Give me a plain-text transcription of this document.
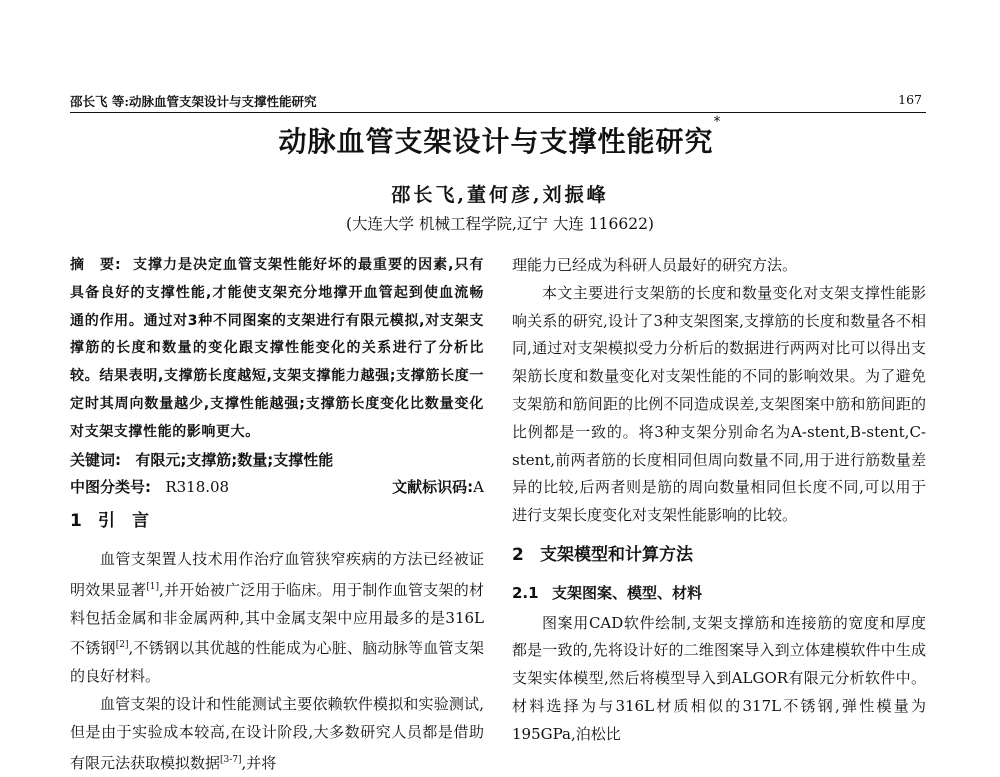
邵长飞 等:动脉血管支架设计与支撑性能研究	167
动脉血管支架设计与支撑性能研究*
邵长飞,董何彦,刘振峰
(大连大学 机械工程学院,辽宁 大连 116622)

摘　要: 支撑力是决定血管支架性能好坏的最重要的因素,只有具备良好的支撑性能,才能使支架充分地撑开血管起到使血流畅通的作用。通过对3种不同图案的支架进行有限元模拟,对支架支撑筋的长度和数量的变化跟支撑性能变化的关系进行了分析比较。结果表明,支撑筋长度越短,支架支撑能力越强;支撑筋长度一定时其周向数量越少,支撑性能越强;支撑筋长度变化比数量变化对支架支撑性能的影响更大。

关键词: 有限元;支撑筋;数量;支撑性能

中图分类号: R318.08	文献标识码:A
1 引　言

血管支架置人技术用作治疗血管狭窄疾病的方法已经被证明效果显著[1],并开始被广泛用于临床。用于制作血管支架的材料包括金属和非金属两种,其中金属支架中应用最多的是316L不锈钢[2],不锈钢以其优越的性能成为心脏、脑动脉等血管支架的良好材料。

血管支架的设计和性能测试主要依赖软件模拟和实验测试,但是由于实验成本较高,在设计阶段,大多数研究人员都是借助有限元法获取模拟数据[3-7],并将

理能力已经成为科研人员最好的研究方法。

本文主要进行支架筋的长度和数量变化对支架支撑性能影响关系的研究,设计了3种支架图案,支撑筋的长度和数量各不相同,通过对支架模拟受力分析后的数据进行两两对比可以得出支架筋长度和数量变化对支架性能的不同的影响效果。为了避免支架筋和筋间距的比例不同造成误差,支架图案中筋和筋间距的比例都是一致的。将3种支架分别命名为A-stent,B-stent,C-stent,前两者筋的长度相同但周向数量不同,用于进行筋数量差异的比较,后两者则是筋的周向数量相同但长度不同,可以用于进行支架长度变化对支架性能影响的比较。

2 支架模型和计算方法
2.1 支架图案、模型、材料

图案用CAD软件绘制,支架支撑筋和连接筋的宽度和厚度都是一致的,先将设计好的二维图案导入到立体建模软件中生成支架实体模型,然后将模型导入到ALGOR有限元分析软件中。材料选择为与316L材质相似的317L不锈钢,弹性模量为195GPa,泊松比
